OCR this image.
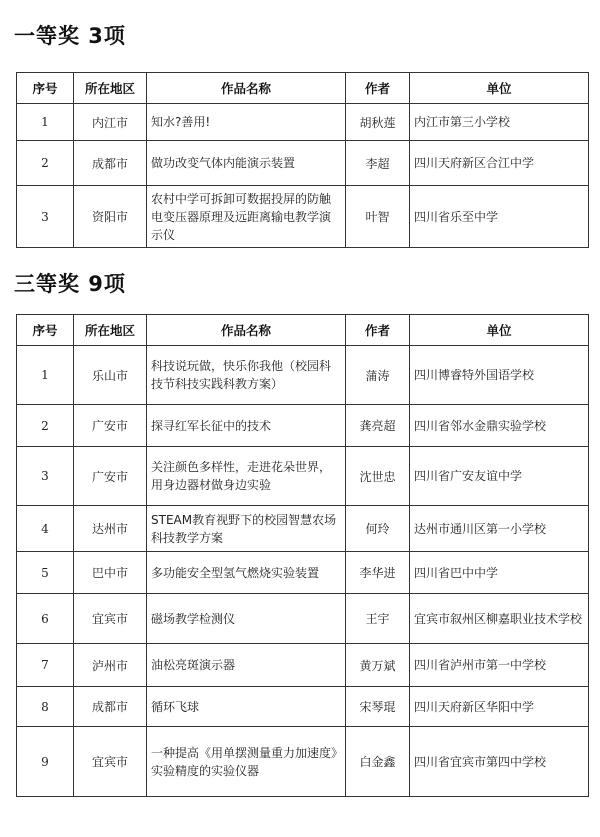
一等奖 3项
序号	所在地区	作品名称	作者	单位
1	内江市	知水?善用!	胡秋莲	内江市第三小学校
2	成都市	做功改变气体内能演示装置	李超	四川天府新区合江中学
3	资阳市	农村中学可拆卸可数据投屏的防触电变压器原理及远距离输电教学演示仪	叶智	四川省乐至中学
三等奖 9项
序号	所在地区	作品名称	作者	单位
1	乐山市	科技说玩做，快乐你我他（校园科技节科技实践科教方案）	蒲涛	四川博睿特外国语学校
2	广安市	探寻红军长征中的技术	龚亮超	四川省邻水金鼎实验学校
3	广安市	关注颜色多样性，走进花朵世界，用身边器材做身边实验	沈世忠	四川省广安友谊中学
4	达州市	STEAM教育视野下的校园智慧农场科技教学方案	何玲	达州市通川区第一小学校
5	巴中市	多功能安全型氢气燃烧实验装置	李华进	四川省巴中中学
6	宜宾市	磁场教学检测仪	王宇	宜宾市叙州区柳嘉职业技术学校
7	泸州市	油松亮斑演示器	黄万斌	四川省泸州市第一中学校
8	成都市	循环飞球	宋琴琨	四川天府新区华阳中学
9	宜宾市	一种提高《用单摆测量重力加速度》实验精度的实验仪器	白金鑫	四川省宜宾市第四中学校
